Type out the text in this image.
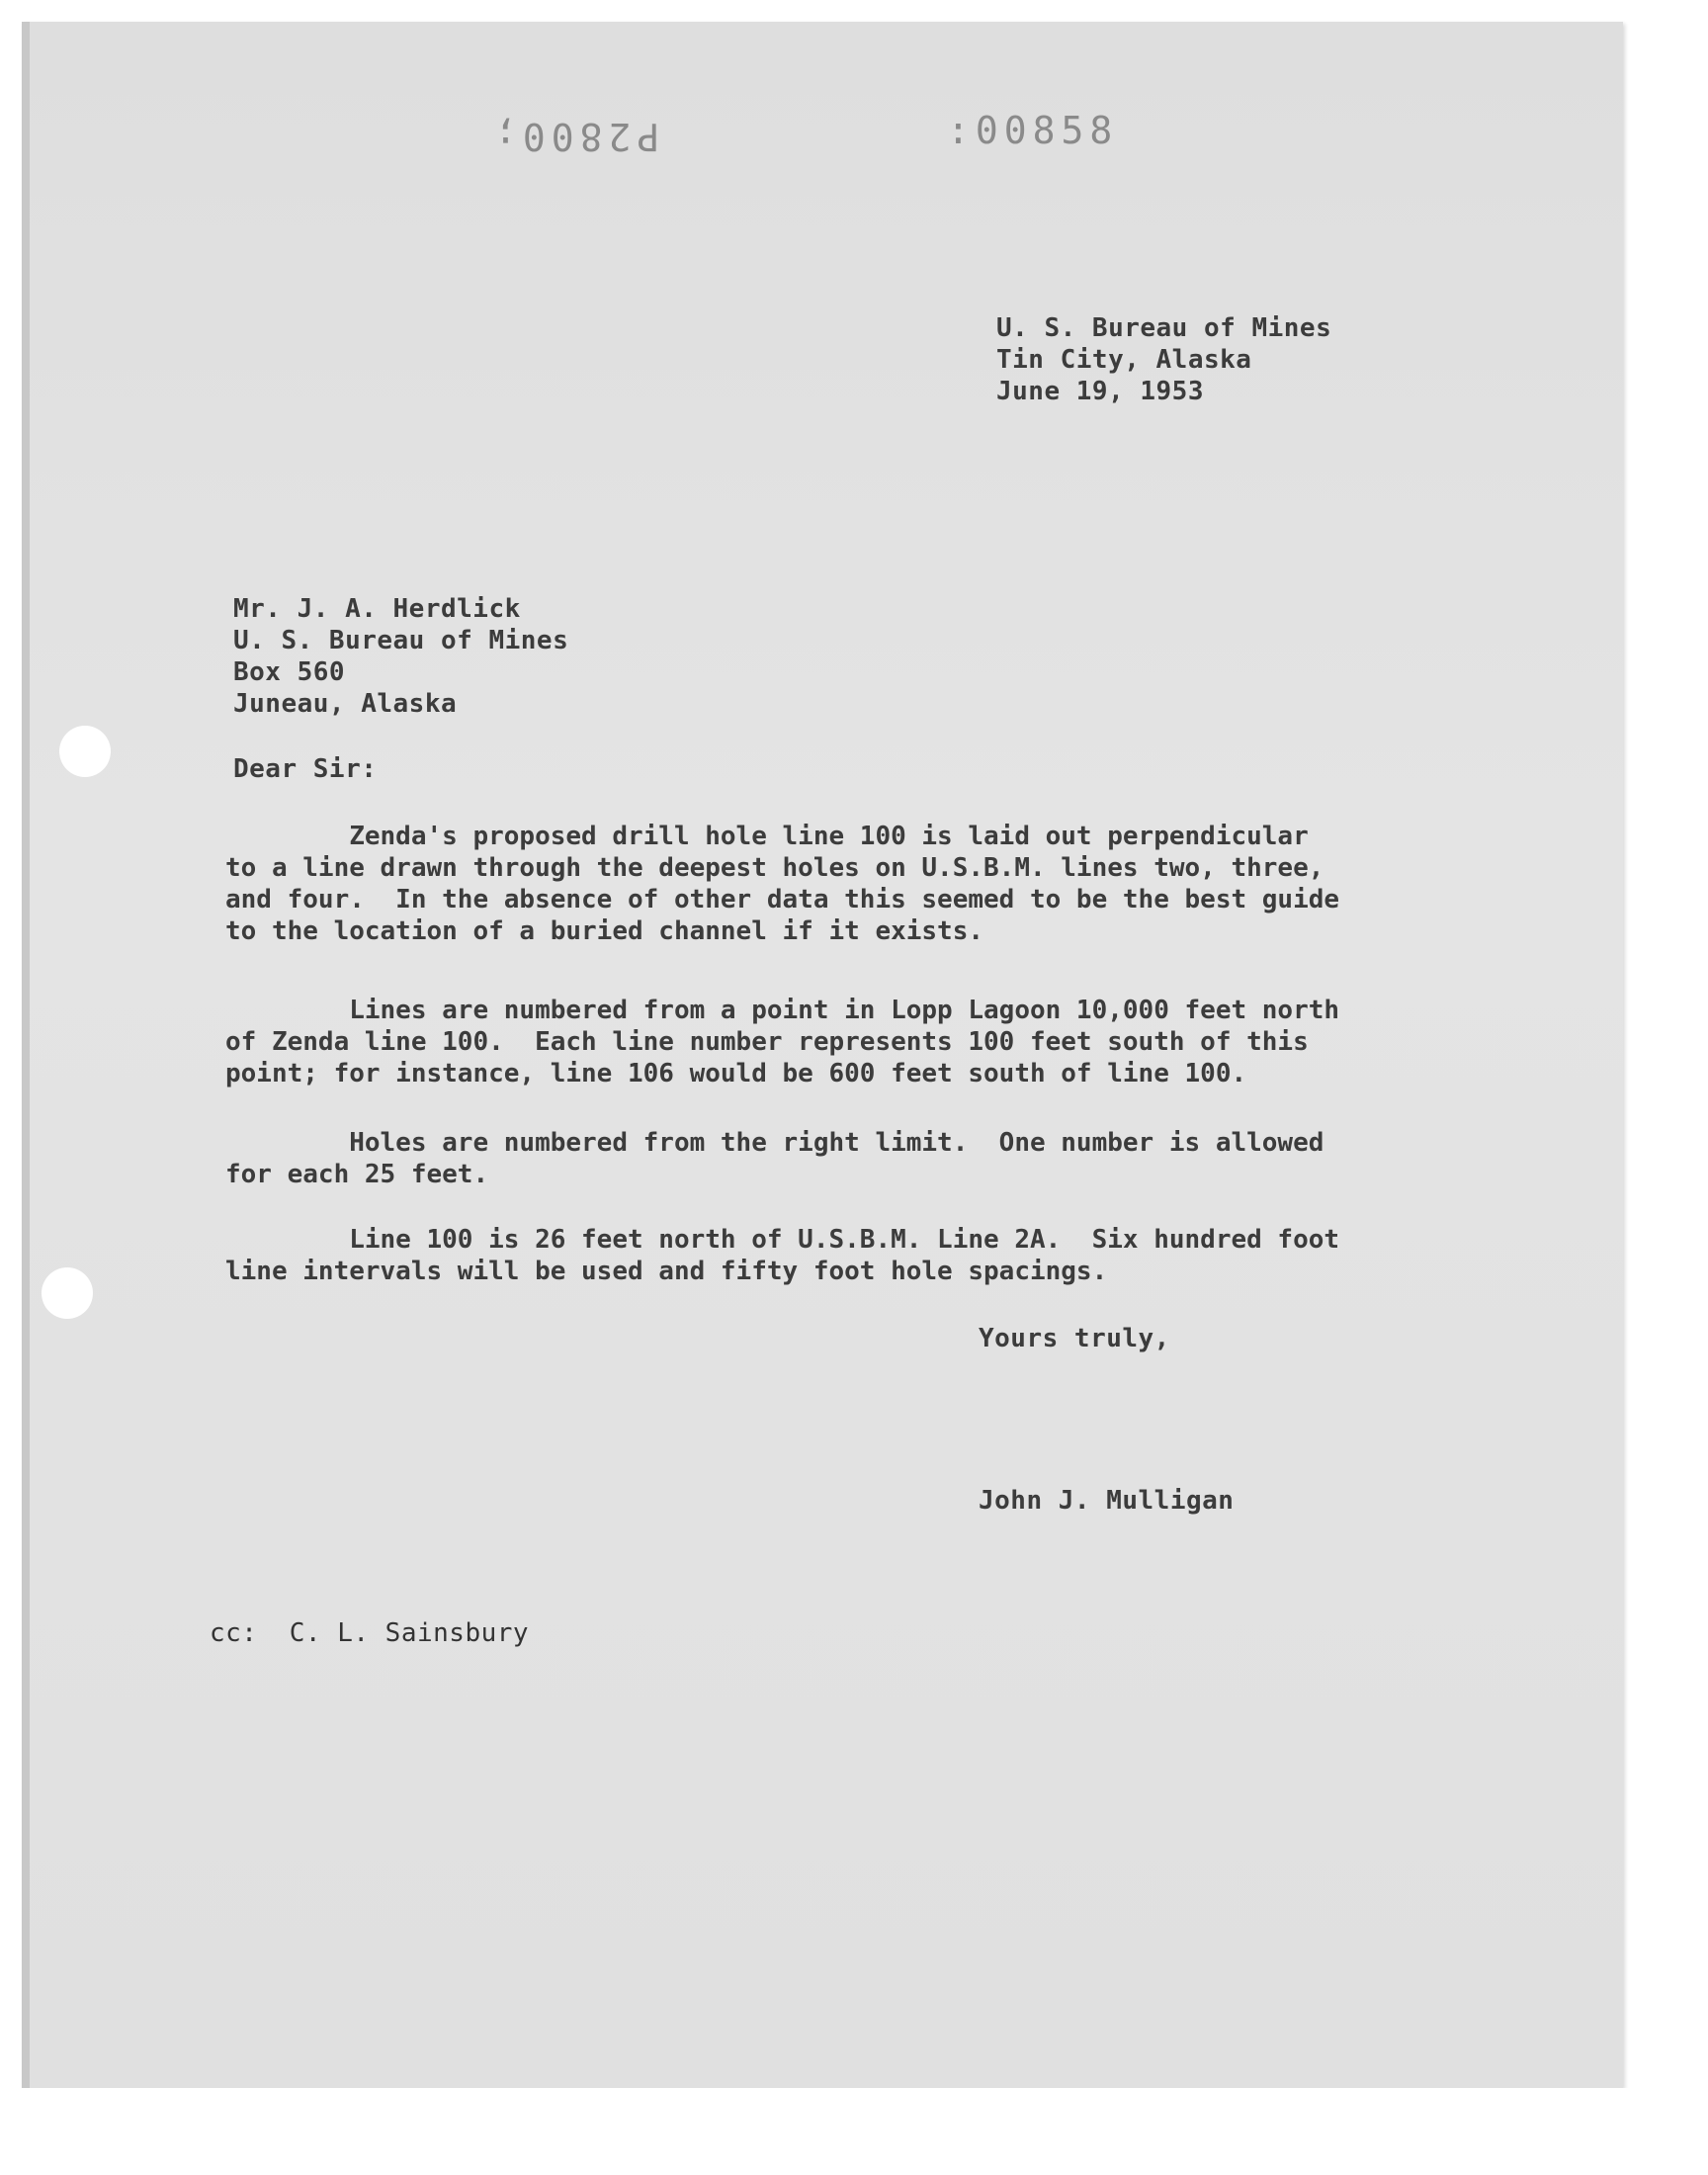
P2800;	:00858
U. S. Bureau of Mines
Tin City, Alaska
June 19, 1953
Mr. J. A. Herdlick
U. S. Bureau of Mines
Box 560
Juneau, Alaska
Dear Sir:
Zenda's proposed drill hole line 100 is laid out perpendicular
to a line drawn through the deepest holes on U.S.B.M. lines two, three,
and four.  In the absence of other data this seemed to be the best guide
to the location of a buried channel if it exists.
Lines are numbered from a point in Lopp Lagoon 10,000 feet north
of Zenda line 100.  Each line number represents 100 feet south of this
point; for instance, line 106 would be 600 feet south of line 100.
Holes are numbered from the right limit.  One number is allowed
for each 25 feet.
Line 100 is 26 feet north of U.S.B.M. Line 2A.  Six hundred foot
line intervals will be used and fifty foot hole spacings.
Yours truly,
John J. Mulligan
cc:  C. L. Sainsbury
